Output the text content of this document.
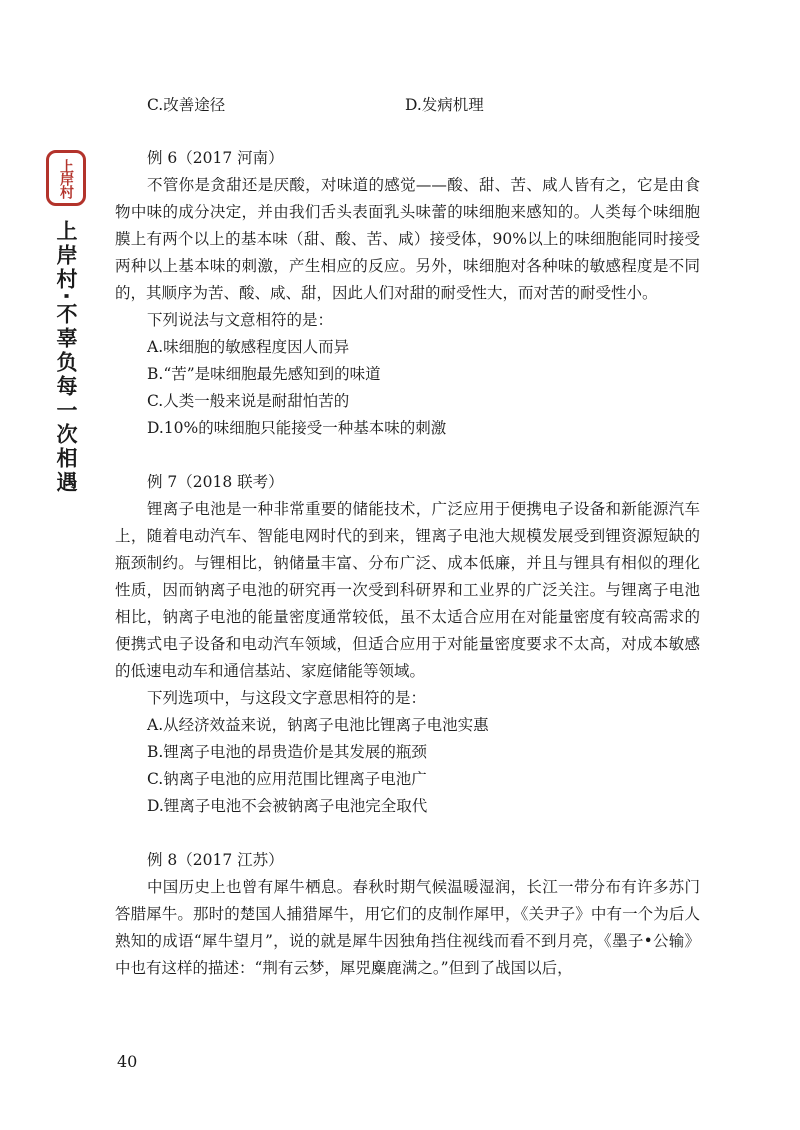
上岸村
上岸村·不辜负每一次相遇
C.改善途径	D.发病机理
例 6（2017 河南）

不管你是贪甜还是厌酸，对味道的感觉——酸、甜、苦、咸人皆有之，它是由食物中味的成分决定，并由我们舌头表面乳头味蕾的味细胞来感知的。人类每个味细胞膜上有两个以上的基本味（甜、酸、苦、咸）接受体，90%以上的味细胞能同时接受两种以上基本味的刺激，产生相应的反应。另外，味细胞对各种味的敏感程度是不同的，其顺序为苦、酸、咸、甜，因此人们对甜的耐受性大，而对苦的耐受性小。

下列说法与文意相符的是：
A.味细胞的敏感程度因人而异
B.“苦”是味细胞最先感知到的味道
C.人类一般来说是耐甜怕苦的
D.10%的味细胞只能接受一种基本味的刺激
例 7（2018 联考）

锂离子电池是一种非常重要的储能技术，广泛应用于便携电子设备和新能源汽车上，随着电动汽车、智能电网时代的到来，锂离子电池大规模发展受到锂资源短缺的瓶颈制约。与锂相比，钠储量丰富、分布广泛、成本低廉，并且与锂具有相似的理化性质，因而钠离子电池的研究再一次受到科研界和工业界的广泛关注。与锂离子电池相比，钠离子电池的能量密度通常较低，虽不太适合应用在对能量密度有较高需求的便携式电子设备和电动汽车领域，但适合应用于对能量密度要求不太高，对成本敏感的低速电动车和通信基站、家庭储能等领域。

下列选项中，与这段文字意思相符的是：
A.从经济效益来说，钠离子电池比锂离子电池实惠
B.锂离子电池的昂贵造价是其发展的瓶颈
C.钠离子电池的应用范围比锂离子电池广
D.锂离子电池不会被钠离子电池完全取代
例 8（2017 江苏）

中国历史上也曾有犀牛栖息。春秋时期气候温暖湿润，长江一带分布有许多苏门答腊犀牛。那时的楚国人捕猎犀牛，用它们的皮制作犀甲，《关尹子》中有一个为后人熟知的成语“犀牛望月”，说的就是犀牛因独角挡住视线而看不到月亮，《墨子•公输》中也有这样的描述：“荆有云梦，犀兕麋鹿满之。”但到了战国以后，

40
